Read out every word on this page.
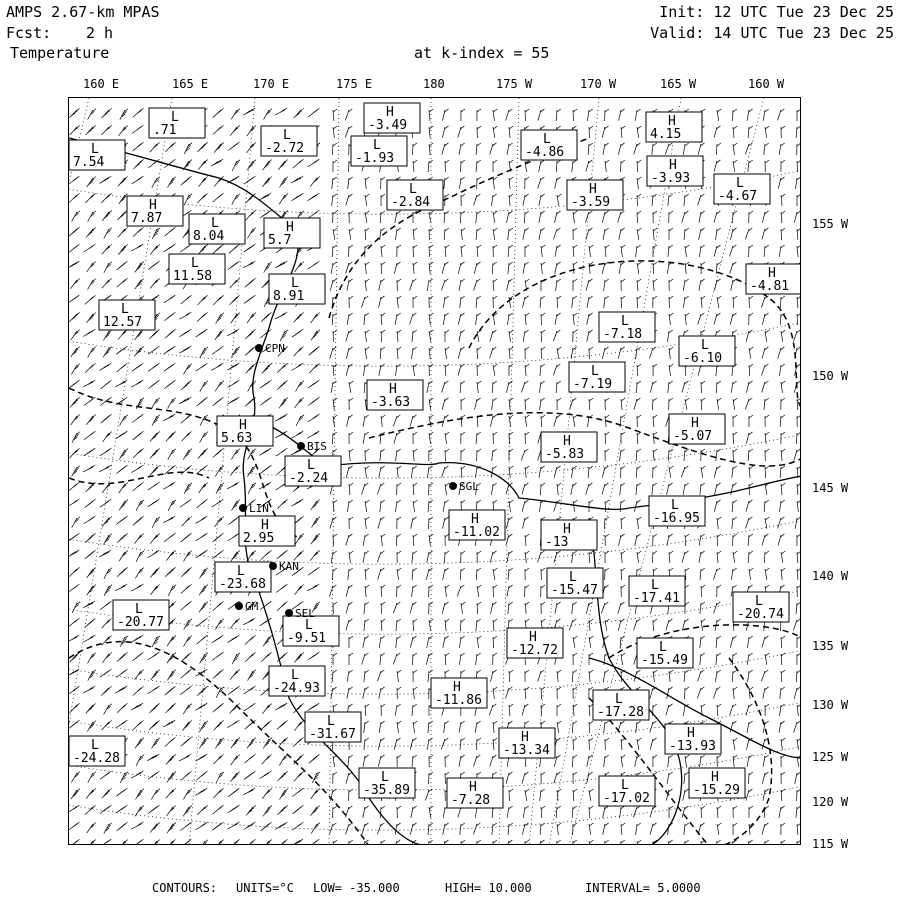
AMPS 2.67-km MPAS
Fcst: 2 h
Temperature
Init: 12 UTC Tue 23 Dec 25
Valid: 14 UTC Tue 23 Dec 25
at k-index = 55
160 E	165 E	170 E	175 E	180	175 W	170 W	165 W	160 W
155 W
150 W
145 W
140 W
135 W
130 W
125 W
120 W
115 W
H
-3.49
L
.71	L
-2.72	L
-1.93
L
-4.86
H
4.15
L
7.54	H
-3.93
L
-2.84
H
-3.59
L
-4.67
H
7.87	L
8.04
H
5.7
L
11.58	L
8.91
H
-4.81
L
12.57	L
-7.18
L
-6.10
L
-7.19
H
-3.63
H
5.63
H
-5.07
H
-5.83
L
-2.24
H
-11.02
L
-16.95
H
2.95
H
-13
L
-23.68	L
-15.47	L
-17.41
L
-20.77
L
-20.74
L
-9.51	H
-12.72	L
-15.49
L
-24.93	H
-11.86	L
-17.28
L
-31.67	H
-13.34
H
-13.93
L
-24.28
L
-35.89	H
-7.28
H
-15.29
L
-17.02
CPN
BIS
SGL
KAN
SEL
GM
LIN
CONTOURS: UNITS=°C LOW= -35.000	HIGH= 10.000	INTERVAL= 5.0000
